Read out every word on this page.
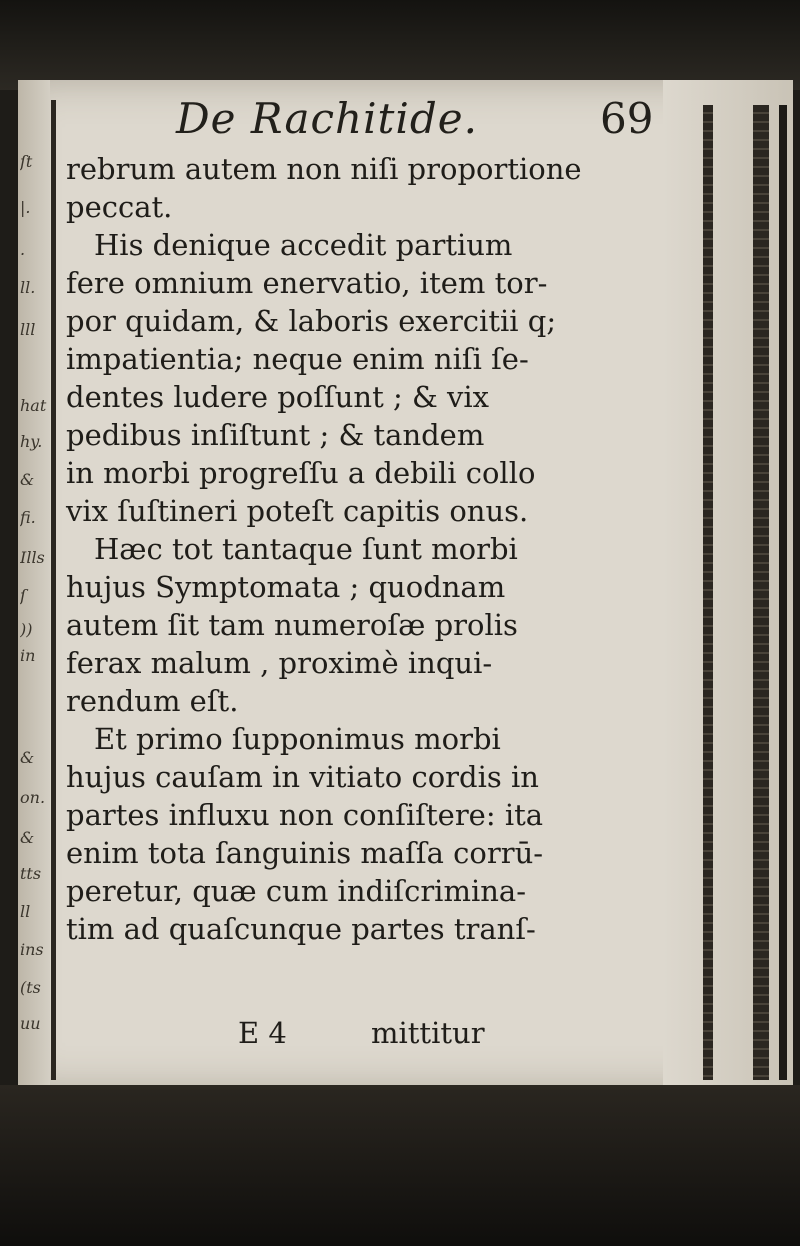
ſt
|.
.
ll.
lll
hat
hy.
&
fi.
Ills
ſ
))
in
&
on.
&
tts
ll
ins
(ts
uu
De Rachitide.	69
rebrum autem non niſi proportione
peccat.
His denique accedit partium
fere omnium enervatio, item tor-
por quidam, & laboris exercitii q;
impatientia; neque enim niſi ſe-
dentes ludere poſſunt ; & vix
pedibus inſiſtunt ; & tandem
in morbi progreſſu a debili collo
vix ſuſtineri poteſt capitis onus.
Hæc tot tantaque ſunt morbi
hujus Symptomata ; quodnam
autem ſit tam numeroſæ prolis
ferax malum , proximè inqui-
rendum eſt.
Et primo ſupponimus morbi
hujus cauſam in vitiato cordis in
partes influxu non conſiſtere: ita
enim tota ſanguinis maſſa corrū-
peretur, quæ cum indiſcrimina-
tim ad quaſcunque partes tranſ-
E 4	mittitur
